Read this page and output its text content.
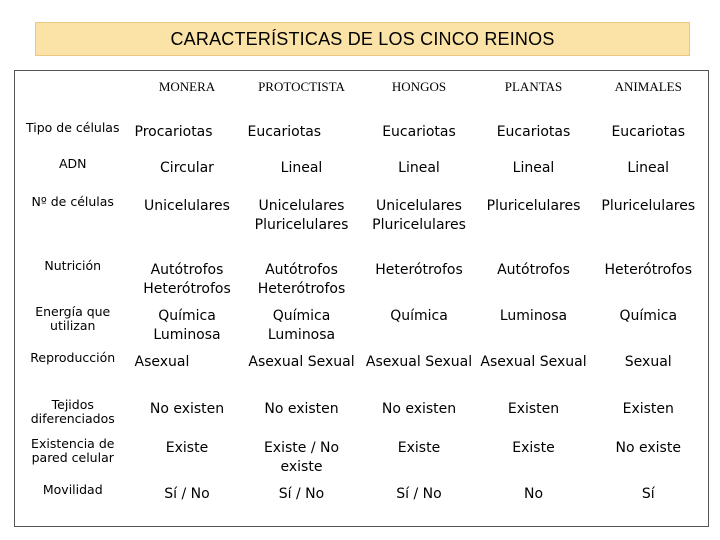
CARACTERÍSTICAS DE LOS CINCO REINOS
	MONERA	PROTOCTISTA	HONGOS	PLANTAS	ANIMALES
Tipo de células	Procariotas	Eucariotas	Eucariotas	Eucariotas	Eucariotas
ADN	Circular	Lineal	Lineal	Lineal	Lineal
Nº de células	Unicelulares	Unicelulares Pluricelulares	Unicelulares Pluricelulares	Pluricelulares	Pluricelulares
Nutrición	Autótrofos Heterótrofos	Autótrofos Heterótrofos	Heterótrofos	Autótrofos	Heterótrofos
Energía que utilizan	Química Luminosa	Química Luminosa	Química	Luminosa	Química
Reproducción	Asexual	Asexual Sexual	Asexual Sexual	Asexual Sexual	Sexual
Tejidos diferenciados	No existen	No existen	No existen	Existen	Existen
Existencia de pared celular	Existe	Existe / No existe	Existe	Existe	No existe
Movilidad	Sí / No	Sí / No	Sí / No	No	Sí
